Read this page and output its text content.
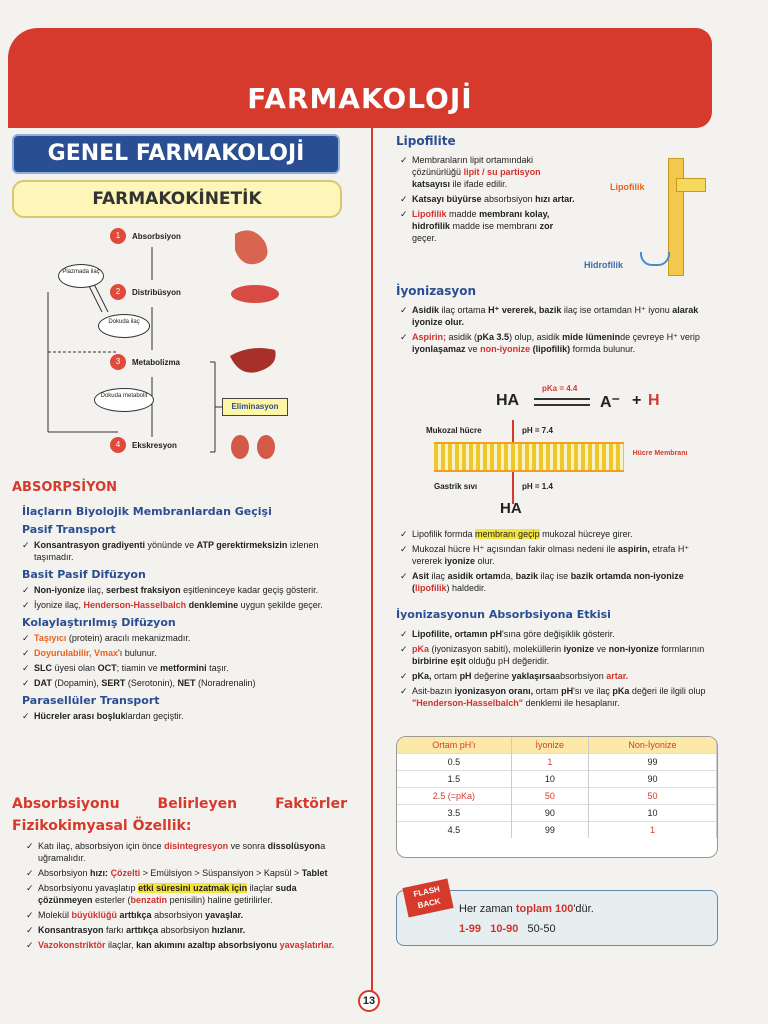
FARMAKOLOJİ
GENEL FARMAKOLOJİ
FARMAKOKİNETİK
Plazmada ilaç
Dokuda ilaç
Dokuda metabolit
1	Absorbsiyon
2	Distribüsyon
3	Metabolizma
4	Ekskresyon
Eliminasyon
ABSORPSİYON
İlaçların Biyolojik Membranlardan Geçişi
Pasif Transport
✓ Konsantrasyon gradiyenti yönünde ve ATP gerektirmeksizin izlenen taşımadır.
Basit Pasif Difüzyon
✓ Non-iyonize ilaç, serbest fraksiyon eşitleninceye kadar geçiş gösterir.
✓ İyonize ilaç, Henderson-Hasselbalch denklemine uygun şekilde geçer.
Kolaylaştırılmış Difüzyon
✓ Taşıyıcı (protein) aracılı mekanizmadır.
✓ Doyurulabilir, Vmax'ı bulunur.
✓ SLC üyesi olan OCT; tiamin ve metformini taşır.
✓ DAT (Dopamin), SERT (Serotonin), NET (Noradrenalin)
Parasellüler Transport
✓ Hücreler arası boşluklardan geçiştir.
Absorbsiyonu	Belirleyen	Faktörler
Fizikokimyasal Özellik:
✓ Katı ilaç, absorbsiyon için önce disintegresyon ve sonra dissolüsyona uğramalıdır.
✓ Absorbsiyon hızı: Çözelti > Emülsiyon > Süspansiyon > Kapsül > Tablet
✓ Absorbsiyonu yavaşlatıp etki süresini uzatmak için ilaçlar suda çözünmeyen esterler (benzatin penisilin) haline getirilirler.
✓ Molekül büyüklüğü arttıkça absorbsiyon yavaşlar.
✓ Konsantrasyon farkı arttıkça absorbsiyon hızlanır.
✓ Vazokonstriktör ilaçlar, kan akımını azaltıp absorbsiyonu yavaşlatırlar.
Lipofilite
✓ Membranların lipit ortamındaki çözünürlüğü lipit / su partisyon katsayısı ile ifade edilir.
✓ Katsayı büyürse absorbsiyon hızı artar.
✓ Lipofilik madde membranı kolay, hidrofilik madde ise membranı zor geçer.
Lipofilik
Hidrofilik
İyonizasyon
✓ Asidik ilaç ortama H⁺ vererek, bazik ilaç ise ortamdan H⁺ iyonu alarak iyonize olur.
✓ Aspirin; asidik (pKa 3.5) olup, asidik mide lümeninde çevreye H⁺ verip iyonlaşamaz ve non-iyonize (lipofilik) formda bulunur.
HA
pKa = 4.4
A⁻ + H
Mukozal hücre	pH = 7.4
Hücre Membranı
Gastrik sıvı	pH = 1.4
HA
✓ Lipofilik formda membranı geçip mukozal hücreye girer.
✓ Mukozal hücre H⁺ açısından fakir olması nedeni ile aspirin, etrafa H⁺ vererek iyonize olur.
✓ Asit ilaç asidik ortamda, bazik ilaç ise bazik ortamda non-iyonize (lipofilik) haldedir.
İyonizasyonun Absorbsiyona Etkisi
✓ Lipofilite, ortamın pH'sına göre değişiklik gösterir.
✓ pKa (iyonizasyon sabiti), moleküllerin iyonize ve non-iyonize formlarının birbirine eşit olduğu pH değeridir.
✓ pKa, ortam pH değerine yaklaşırsaabsorbsiyon artar.
✓ Asit-bazın iyonizasyon oranı, ortam pH'sı ve ilaç pKa değeri ile ilgili olup "Henderson-Hasselbalch" denklemi ile hesaplanır.
Ortam pH'ı	İyonize	Non-İyonize
0.5	1	99
1.5	10	90
2.5 (=pKa)	50	50
3.5	90	10
4.5	99	1
FLASH
BACK	Her zaman toplam 100'dür.
1-99 10-90 50-50
13
